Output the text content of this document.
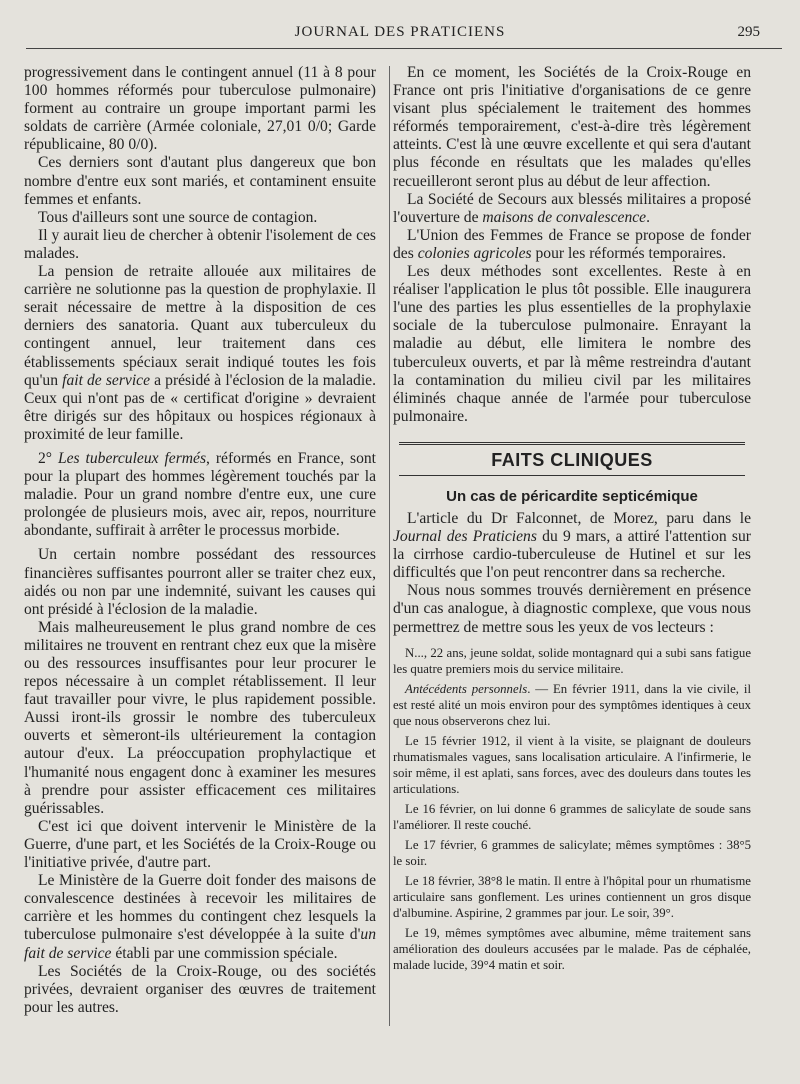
JOURNAL DES PRATICIENS	295

progressivement dans le contingent annuel (11 à 8 pour 100 hommes réformés pour tuberculose pulmonaire) forment au contraire un groupe important parmi les soldats de carrière (Armée coloniale, 27,01 0/0; Garde républicaine, 80 0/0).

Ces derniers sont d'autant plus dangereux que bon nombre d'entre eux sont mariés, et contaminent ensuite femmes et enfants.

Tous d'ailleurs sont une source de contagion.

Il y aurait lieu de chercher à obtenir l'isolement de ces malades.

La pension de retraite allouée aux militaires de carrière ne solutionne pas la question de prophylaxie. Il serait nécessaire de mettre à la disposition de ces derniers des sanatoria. Quant aux tuberculeux du contingent annuel, leur traitement dans ces établissements spéciaux serait indiqué toutes les fois qu'un fait de service a présidé à l'éclosion de la maladie. Ceux qui n'ont pas de « certificat d'origine » devraient être dirigés sur des hôpitaux ou hospices régionaux à proximité de leur famille.

2° Les tuberculeux fermés, réformés en France, sont pour la plupart des hommes légèrement touchés par la maladie. Pour un grand nombre d'entre eux, une cure prolongée de plusieurs mois, avec air, repos, nourriture abondante, suffirait à arrêter le processus morbide.

Un certain nombre possédant des ressources financières suffisantes pourront aller se traiter chez eux, aidés ou non par une indemnité, suivant les causes qui ont présidé à l'éclosion de la maladie.

Mais malheureusement le plus grand nombre de ces militaires ne trouvent en rentrant chez eux que la misère ou des ressources insuffisantes pour leur procurer le repos nécessaire à un complet rétablissement. Il leur faut travailler pour vivre, le plus rapidement possible. Aussi iront-ils grossir le nombre des tuberculeux ouverts et sèmeront-ils ultérieurement la contagion autour d'eux. La préoccupation prophylactique et l'humanité nous engagent donc à examiner les mesures à prendre pour assister efficacement ces militaires guérissables.

C'est ici que doivent intervenir le Ministère de la Guerre, d'une part, et les Sociétés de la Croix-Rouge ou l'initiative privée, d'autre part.

Le Ministère de la Guerre doit fonder des maisons de convalescence destinées à recevoir les militaires de carrière et les hommes du contingent chez lesquels la tuberculose pulmonaire s'est développée à la suite d'un fait de service établi par une commission spéciale.

Les Sociétés de la Croix-Rouge, ou des sociétés privées, devraient organiser des œuvres de traitement pour les autres.

En ce moment, les Sociétés de la Croix-Rouge en France ont pris l'initiative d'organisations de ce genre visant plus spécialement le traitement des hommes réformés temporairement, c'est-à-dire très légèrement atteints. C'est là une œuvre excellente et qui sera d'autant plus féconde en résultats que les malades qu'elles recueilleront seront plus au début de leur affection.

La Société de Secours aux blessés militaires a proposé l'ouverture de maisons de convalescence.

L'Union des Femmes de France se propose de fonder des colonies agricoles pour les réformés temporaires.

Les deux méthodes sont excellentes. Reste à en réaliser l'application le plus tôt possible. Elle inaugurera l'une des parties les plus essentielles de la prophylaxie sociale de la tuberculose pulmonaire. Enrayant la maladie au début, elle limitera le nombre des tuberculeux ouverts, et par là même restreindra d'autant la contamination du milieu civil par les militaires éliminés chaque année de l'armée pour tuberculose pulmonaire.

FAITS CLINIQUES
Un cas de péricardite septicémique

L'article du Dr Falconnet, de Morez, paru dans le Journal des Praticiens du 9 mars, a attiré l'attention sur la cirrhose cardio-tuberculeuse de Hutinel et sur les difficultés que l'on peut rencontrer dans sa recherche.

Nous nous sommes trouvés dernièrement en présence d'un cas analogue, à diagnostic complexe, que vous nous permettrez de mettre sous les yeux de vos lecteurs :

N..., 22 ans, jeune soldat, solide montagnard qui a subi sans fatigue les quatre premiers mois du service militaire.

Antécédents personnels. — En février 1911, dans la vie civile, il est resté alité un mois environ pour des symptômes identiques à ceux que nous observerons chez lui.

Le 15 février 1912, il vient à la visite, se plaignant de douleurs rhumatismales vagues, sans localisation articulaire. A l'infirmerie, le soir même, il est aplati, sans forces, avec des douleurs dans toutes les articulations.

Le 16 février, on lui donne 6 grammes de salicylate de soude sans l'améliorer. Il reste couché.

Le 17 février, 6 grammes de salicylate; mêmes symptômes : 38°5 le soir.

Le 18 février, 38°8 le matin. Il entre à l'hôpital pour un rhumatisme articulaire sans gonflement. Les urines contiennent un gros disque d'albumine. Aspirine, 2 grammes par jour. Le soir, 39°.

Le 19, mêmes symptômes avec albumine, même traitement sans amélioration des douleurs accusées par le malade. Pas de céphalée, malade lucide, 39°4 matin et soir.
